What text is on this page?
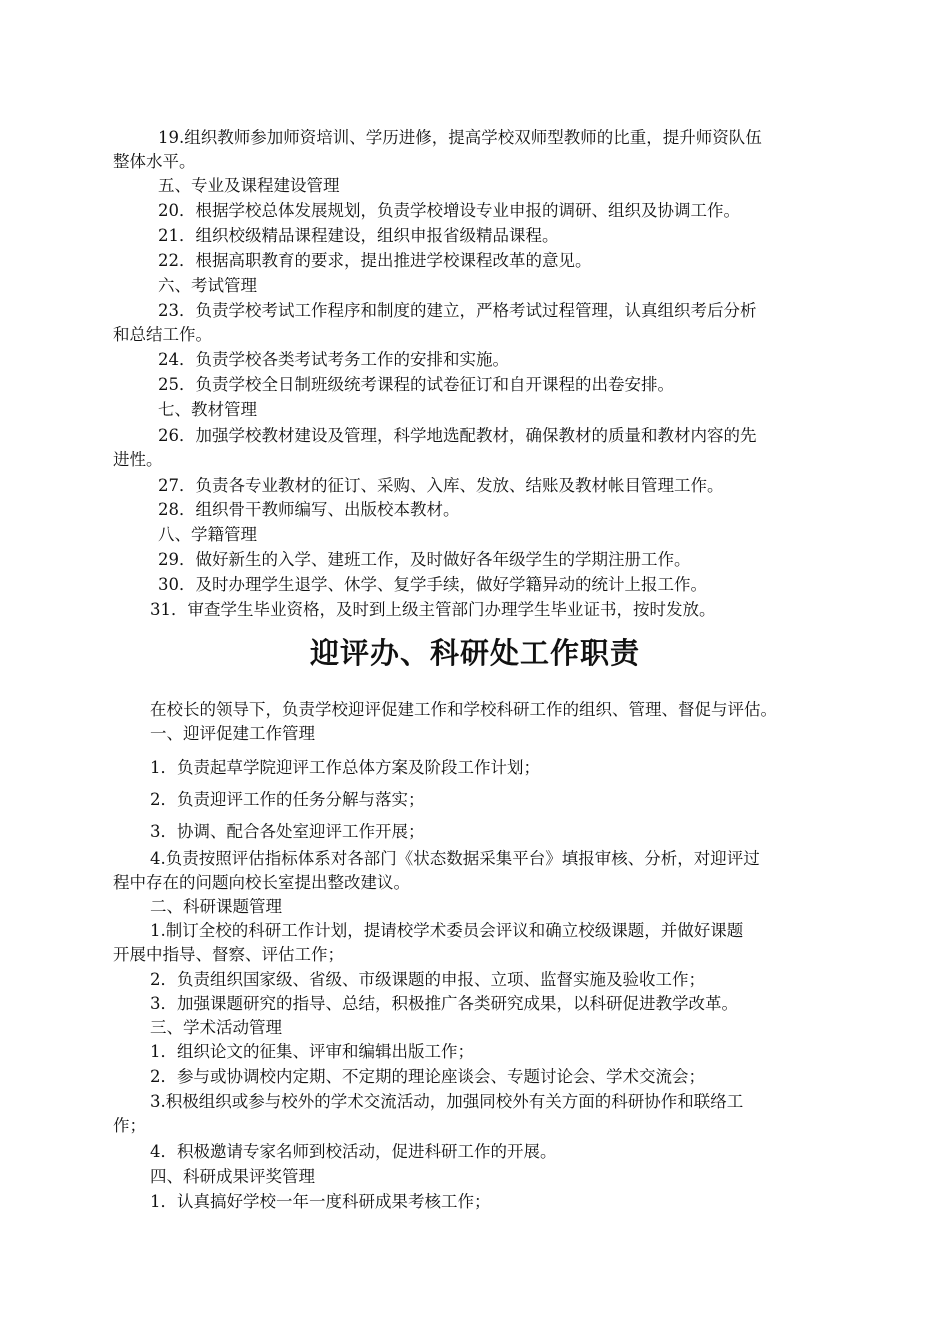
19.组织教师参加师资培训、学历进修，提高学校双师型教师的比重，提升师资队伍
整体水平。
五、专业及课程建设管理
20．根据学校总体发展规划，负责学校增设专业申报的调研、组织及协调工作。
21．组织校级精品课程建设，组织申报省级精品课程。
22．根据高职教育的要求，提出推进学校课程改革的意见。
六、考试管理
23．负责学校考试工作程序和制度的建立，严格考试过程管理，认真组织考后分析
和总结工作。
24．负责学校各类考试考务工作的安排和实施。
25．负责学校全日制班级统考课程的试卷征订和自开课程的出卷安排。
七、教材管理
26．加强学校教材建设及管理，科学地选配教材，确保教材的质量和教材内容的先
进性。
27．负责各专业教材的征订、采购、入库、发放、结账及教材帐目管理工作。
28．组织骨干教师编写、出版校本教材。
八、学籍管理
29．做好新生的入学、建班工作，及时做好各年级学生的学期注册工作。
30．及时办理学生退学、休学、复学手续，做好学籍异动的统计上报工作。
31．审查学生毕业资格，及时到上级主管部门办理学生毕业证书，按时发放。
迎评办、科研处工作职责
在校长的领导下，负责学校迎评促建工作和学校科研工作的组织、管理、督促与评估。
一、迎评促建工作管理
1．负责起草学院迎评工作总体方案及阶段工作计划；
2．负责迎评工作的任务分解与落实；
3．协调、配合各处室迎评工作开展；
4.负责按照评估指标体系对各部门《状态数据采集平台》填报审核、分析，对迎评过
程中存在的问题向校长室提出整改建议。
二、科研课题管理
1.制订全校的科研工作计划，提请校学术委员会评议和确立校级课题，并做好课题
开展中指导、督察、评估工作；
2．负责组织国家级、省级、市级课题的申报、立项、监督实施及验收工作；
3．加强课题研究的指导、总结，积极推广各类研究成果，以科研促进教学改革。
三、学术活动管理
1．组织论文的征集、评审和编辑出版工作；
2．参与或协调校内定期、不定期的理论座谈会、专题讨论会、学术交流会；
3.积极组织或参与校外的学术交流活动，加强同校外有关方面的科研协作和联络工
作；
4．积极邀请专家名师到校活动，促进科研工作的开展。
四、科研成果评奖管理
1．认真搞好学校一年一度科研成果考核工作；
